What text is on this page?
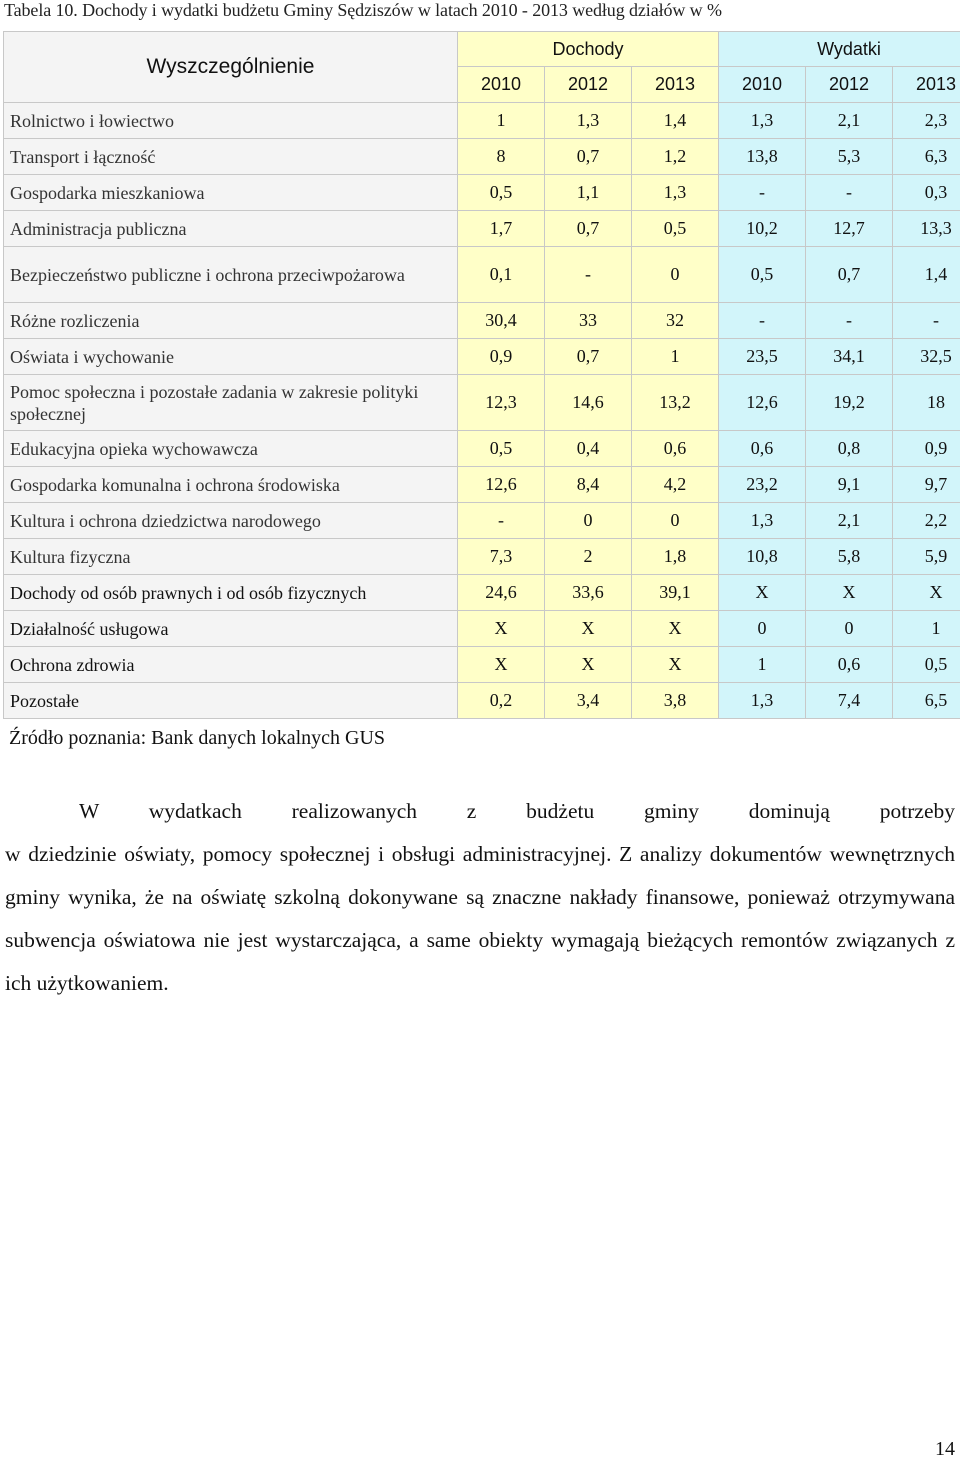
Tabela 10. Dochody i wydatki budżetu Gminy Sędziszów w latach 2010 - 2013 według działów w %
Wyszczególnienie	Dochody			Wydatki		
	2010	2012	2013	2010	2012	2013
Rolnictwo i łowiectwo	1	1,3	1,4	1,3	2,1	2,3
Transport i łączność	8	0,7	1,2	13,8	5,3	6,3
Gospodarka mieszkaniowa	0,5	1,1	1,3	-	-	0,3
Administracja publiczna	1,7	0,7	0,5	10,2	12,7	13,3
Bezpieczeństwo publiczne i ochrona przeciwpożarowa	0,1	-	0	0,5	0,7	1,4
Różne rozliczenia	30,4	33	32	-	-	-
Oświata i wychowanie	0,9	0,7	1	23,5	34,1	32,5
Pomoc społeczna i pozostałe zadania w zakresie polityki społecznej	12,3	14,6	13,2	12,6	19,2	18
Edukacyjna opieka wychowawcza	0,5	0,4	0,6	0,6	0,8	0,9
Gospodarka komunalna i ochrona środowiska	12,6	8,4	4,2	23,2	9,1	9,7
Kultura i ochrona dziedzictwa narodowego	-	0	0	1,3	2,1	2,2
Kultura fizyczna	7,3	2	1,8	10,8	5,8	5,9
Dochody od osób prawnych i od osób fizycznych	24,6	33,6	39,1	X	X	X
Działalność usługowa	X	X	X	0	0	1
Ochrona zdrowia	X	X	X	1	0,6	0,5
Pozostałe	0,2	3,4	3,8	1,3	7,4	6,5
Źródło poznania: Bank danych lokalnych GUS
W wydatkach realizowanych z budżetu gminy dominują potrzeby
w dziedzinie oświaty, pomocy społecznej i obsługi administracyjnej. Z analizy dokumentów wewnętrznych gminy wynika, że na oświatę szkolną dokonywane są znaczne nakłady finansowe, ponieważ otrzymywana subwencja oświatowa nie jest wystarczająca, a same obiekty wymagają bieżących remontów związanych z ich użytkowaniem.
14
